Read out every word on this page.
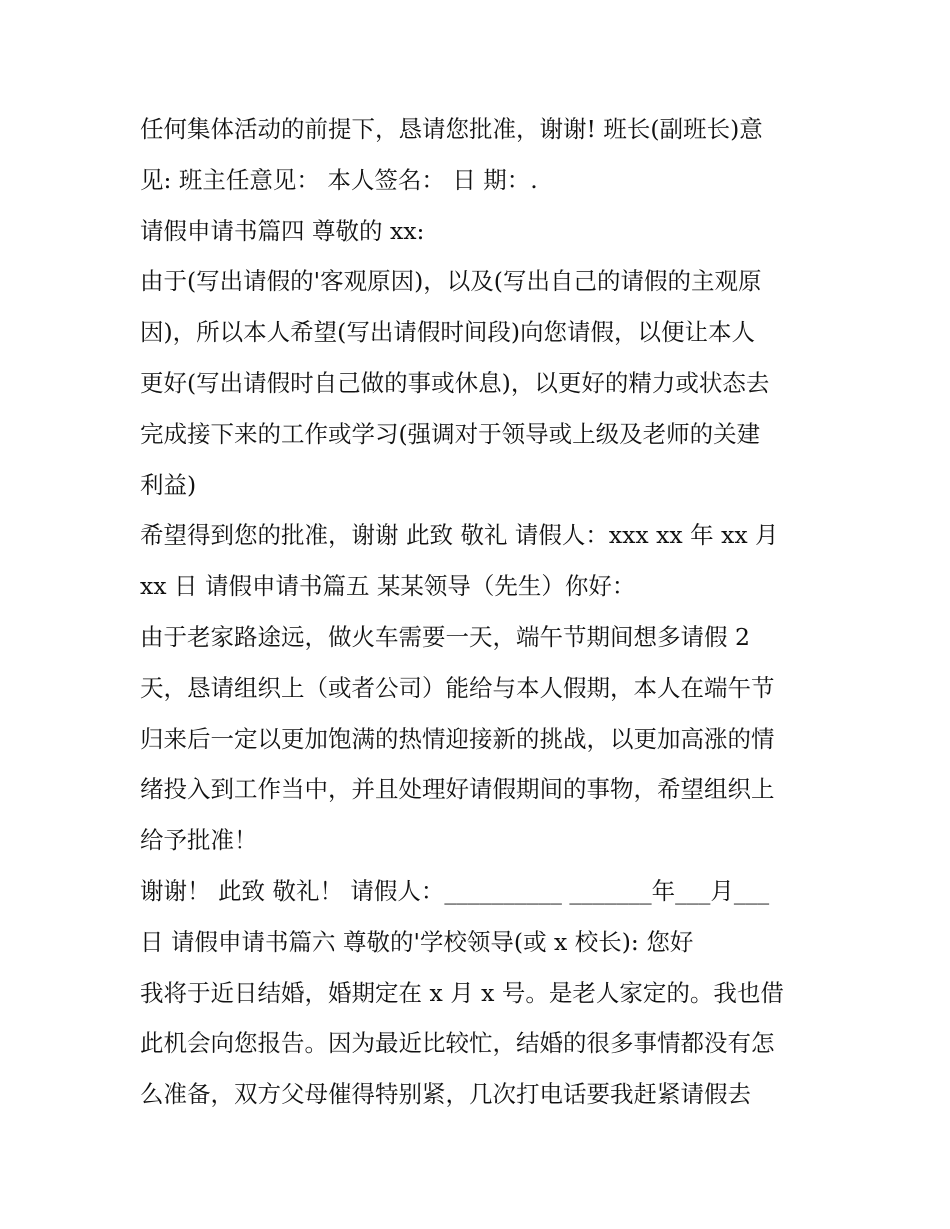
任何集体活动的前提下，恳请您批准，谢谢! 班长(副班长)意
见: 班主任意见： 本人签名： 日 期：.
请假申请书篇四 尊敬的 xx:
由于(写出请假的'客观原因)，以及(写出自己的请假的主观原
因)，所以本人希望(写出请假时间段)向您请假，以便让本人
更好(写出请假时自己做的事或休息)，以更好的精力或状态去
完成接下来的工作或学习(强调对于领导或上级及老师的关建
利益)
希望得到您的批准，谢谢 此致 敬礼 请假人：xxx xx 年 xx 月
xx 日 请假申请书篇五 某某领导（先生）你好：
由于老家路途远，做火车需要一天，端午节期间想多请假 2
天，恳请组织上（或者公司）能给与本人假期，本人在端午节
归来后一定以更加饱满的热情迎接新的挑战，以更加高涨的情
绪投入到工作当中，并且处理好请假期间的事物，希望组织上
给予批准！
谢谢！ 此致 敬礼！ 请假人：__________ _______年___月___
日 请假申请书篇六 尊敬的'学校领导(或 x 校长): 您好
我将于近日结婚，婚期定在 x 月 x 号。是老人家定的。我也借
此机会向您报告。因为最近比较忙，结婚的很多事情都没有怎
么准备，双方父母催得特别紧，几次打电话要我赶紧请假去
